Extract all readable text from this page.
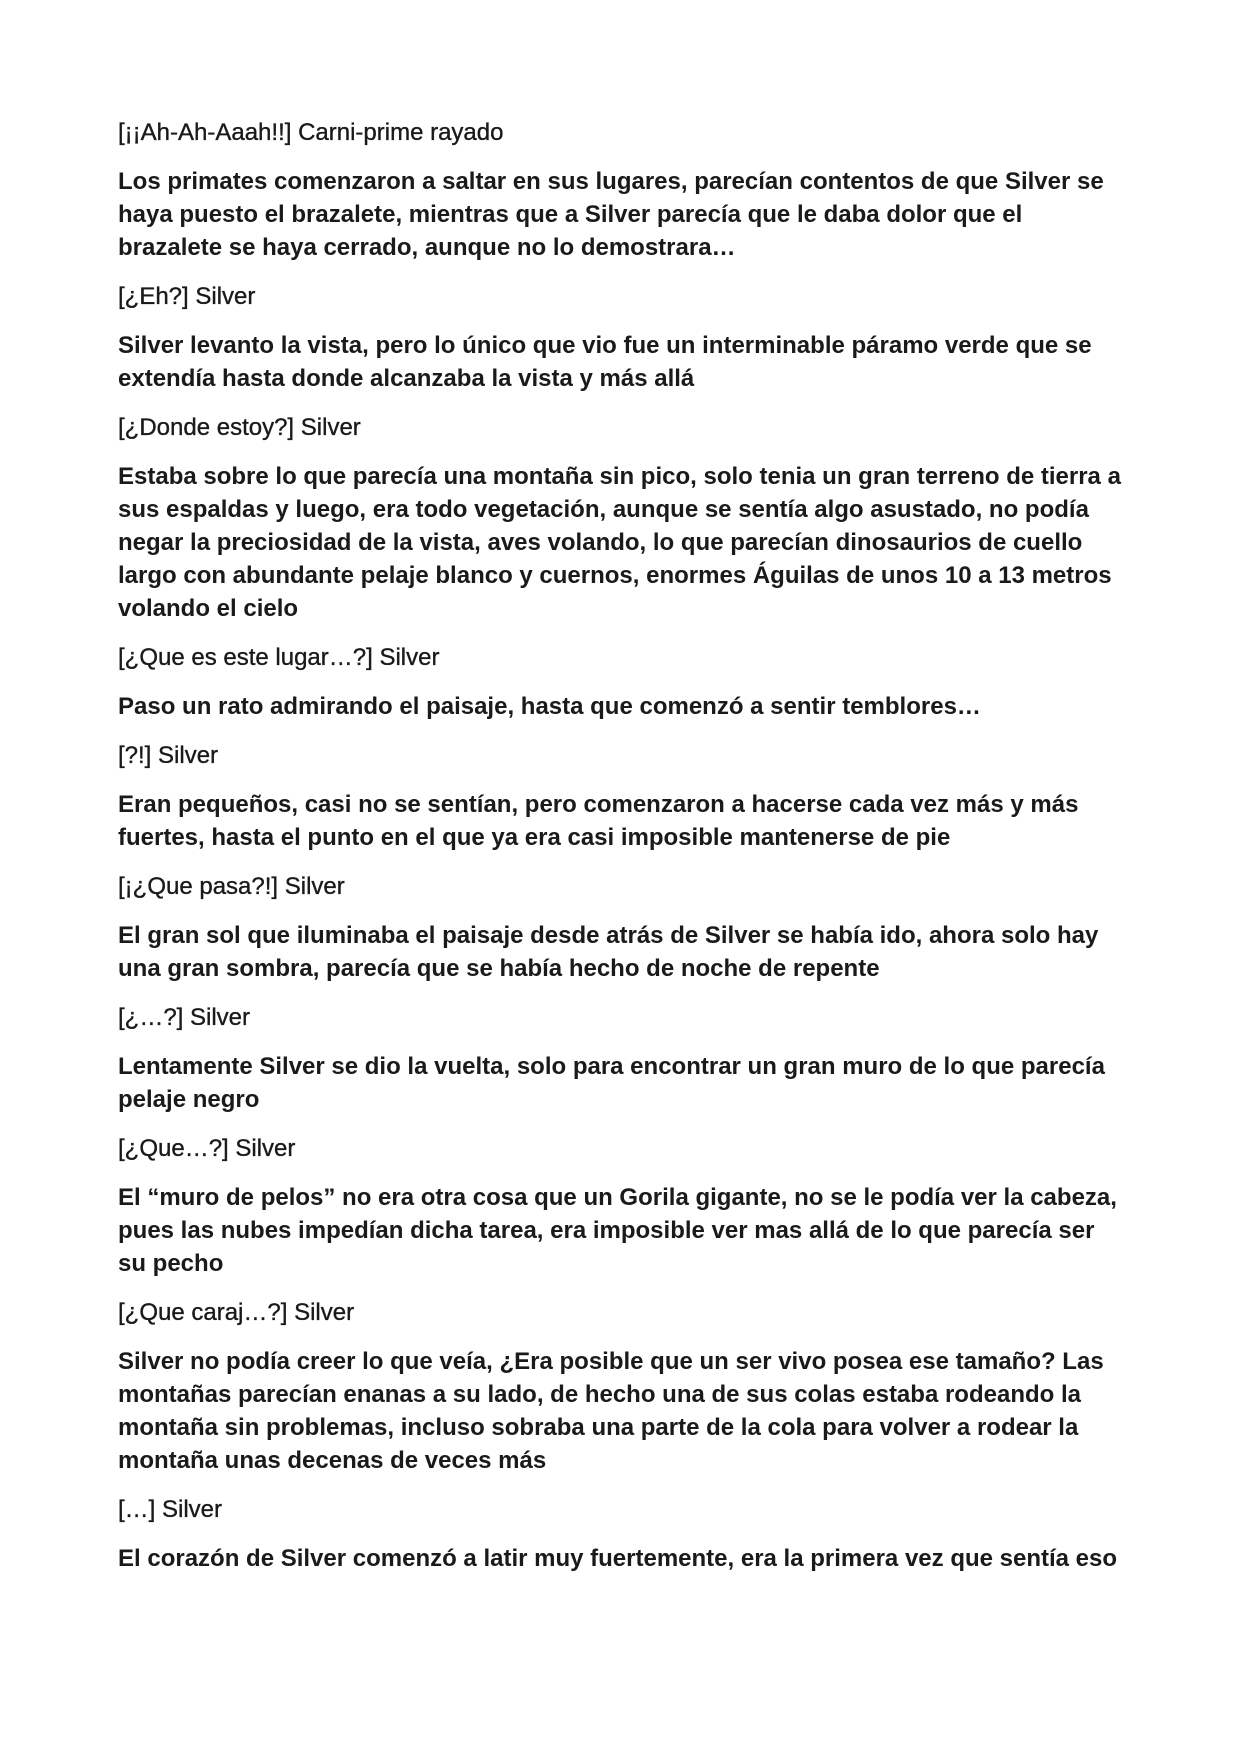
[¡¡Ah-Ah-Aaah!!] Carni-prime rayado

Los primates comenzaron a saltar en sus lugares, parecían contentos de que Silver se haya puesto el brazalete, mientras que a Silver parecía que le daba dolor que el brazalete se haya cerrado, aunque no lo demostrara…

[¿Eh?] Silver

Silver levanto la vista, pero lo único que vio fue un interminable páramo verde que se extendía hasta donde alcanzaba la vista y más allá

[¿Donde estoy?] Silver

Estaba sobre lo que parecía una montaña sin pico, solo tenia un gran terreno de tierra a sus espaldas y luego, era todo vegetación, aunque se sentía algo asustado, no podía negar la preciosidad de la vista, aves volando, lo que parecían dinosaurios de cuello largo con abundante pelaje blanco y cuernos, enormes Águilas de unos 10 a 13 metros volando el cielo

[¿Que es este lugar…?] Silver

Paso un rato admirando el paisaje, hasta que comenzó a sentir temblores…

[?!] Silver

Eran pequeños, casi no se sentían, pero comenzaron a hacerse cada vez más y más fuertes, hasta el punto en el que ya era casi imposible mantenerse de pie

[¡¿Que pasa?!] Silver

El gran sol que iluminaba el paisaje desde atrás de Silver se había ido, ahora solo hay una gran sombra, parecía que se había hecho de noche de repente

[¿…?] Silver

Lentamente Silver se dio la vuelta, solo para encontrar un gran muro de lo que parecía pelaje negro

[¿Que…?] Silver

El “muro de pelos” no era otra cosa que un Gorila gigante, no se le podía ver la cabeza, pues las nubes impedían dicha tarea, era imposible ver mas allá de lo que parecía ser su pecho

[¿Que caraj…?] Silver

Silver no podía creer lo que veía, ¿Era posible que un ser vivo posea ese tamaño? Las montañas parecían enanas a su lado, de hecho una de sus colas estaba rodeando la montaña sin problemas, incluso sobraba una parte de la cola para volver a rodear la montaña unas decenas de veces más

[…] Silver

El corazón de Silver comenzó a latir muy fuertemente, era la primera vez que sentía eso
